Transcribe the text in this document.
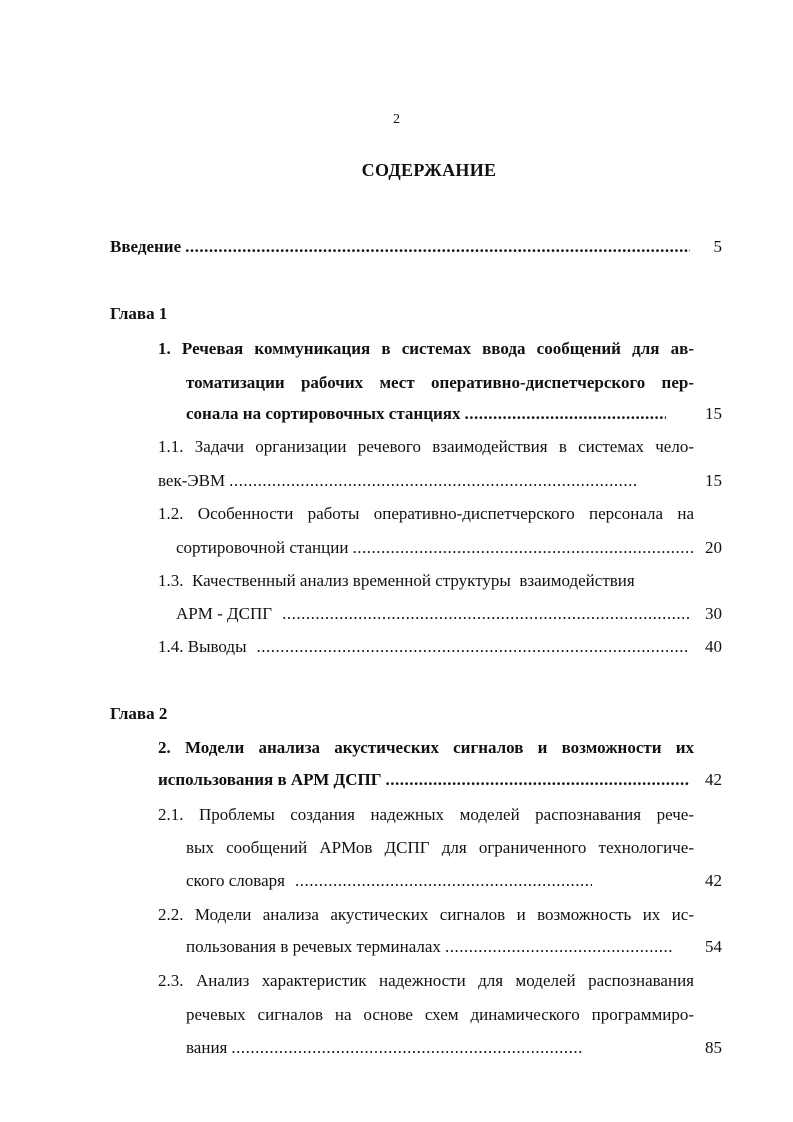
2
СОДЕРЖАНИЕ
Введение .....	5
Глава 1
1. Речевая коммуникация в системах ввода сообщений для ав-
томатизации рабочих мест оперативно-диспетчерского пер-
сонала на сортировочных станциях .....	15
1.1. Задачи организации речевого взаимодействия в системах чело-
век-ЭВМ .....	15
1.2. Особенности работы оперативно-диспетчерского персонала на
сортировочной станции .....	20
1.3.  Качественный анализ временной структуры  взаимодействия
АРМ - ДСПГ .....	30
1.4. Выводы .....	40
Глава 2
2. Модели анализа акустических сигналов и возможности их
использования в АРМ ДСПГ .....	42
2.1. Проблемы создания надежных моделей распознавания рече-
вых сообщений АРМов ДСПГ для ограниченного технологиче-
ского словаря .....	42
2.2. Модели анализа акустических сигналов и возможность их ис-
пользования в речевых терминалах .....	54
2.3. Анализ характеристик надежности для моделей распознавания
речевых сигналов на основе схем динамического программиро-
вания .....	85
